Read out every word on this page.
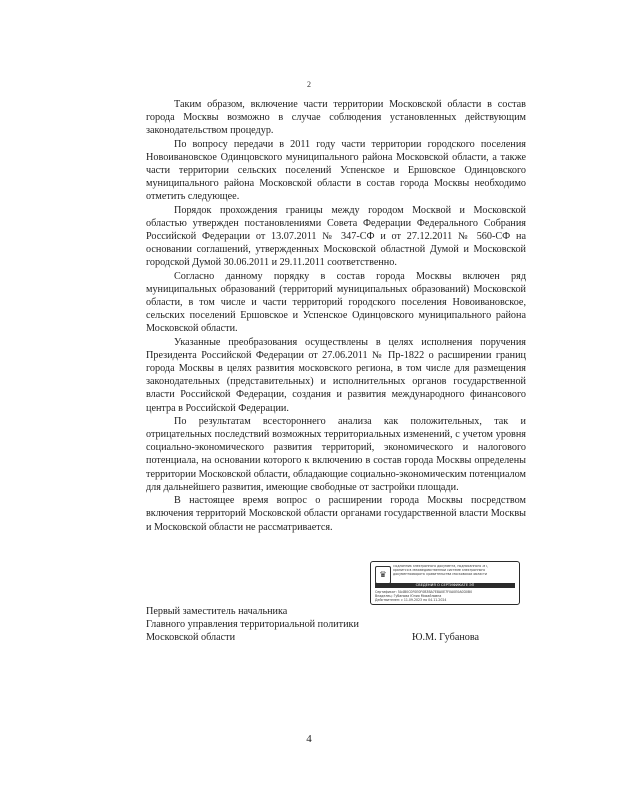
2

Таким образом, включение части территории Московской области в состав города Москвы возможно в случае соблюдения установленных действующим законодательством процедур.

По вопросу передачи в 2011 году части территории городского поселения Новоивановское Одинцовского муниципального района Московской области, а также части территории сельских поселений Успенское и Ершовское Одинцовского муниципального района Московской области в состав города Москвы необходимо отметить следующее.

Порядок прохождения границы между городом Москвой и Московской областью утвержден постановлениями Совета Федерации Федерального Собрания Российской Федерации от 13.07.2011 № 347-СФ и от 27.12.2011 № 560-СФ на основании соглашений, утвержденных Московской областной Думой и Московской городской Думой 30.06.2011 и 29.11.2011 соответственно.

Согласно данному порядку в состав города Москвы включен ряд муниципальных образований (территорий муниципальных образований) Московской области, в том числе и части территорий городского поселения Новоивановское, сельских поселений Ершовское и Успенское Одинцовского муниципального района Московской области.

Указанные преобразования осуществлены в целях исполнения поручения Президента Российской Федерации от 27.06.2011 № Пр-1822 о расширении границ города Москвы в целях развития московского региона, в том числе для размещения законодательных (представительных) и исполнительных органов государственной власти Российской Федерации, создания и развития международного финансового центра в Российской Федерации.

По результатам всестороннего анализа как положительных, так и отрицательных последствий возможных территориальных изменений, с учетом уровня социально-экономического развития территорий, экономического и налогового потенциала, на основании которого к включению в состав города Москвы определены территории Московской области, обладающие социально-экономическим потенциалом для дальнейшего развития, имеющие свободные от застройки площади.

В настоящее время вопрос о расширении города Москвы посредством включения территорий Московской области органами государственной власти Москвы и Московской области не рассматривается.

♛
Подлинник электронного документа, подписанного ЭП,
хранится в Межведомственной системе электронного
документооборота Правительства Московской области
СВЕДЕНИЯ О СЕРТИФИКАТЕ ЭП
Сертификат: 5A4B0C0F0E0F0B3BA7E8A0E7F0A0E0A0D0B0
Владелец: Губанова Юлия Михайловна
Действителен: с 11.09.2023 по 04.11.2024
Первый заместитель начальника
Главного управления территориальной политики
Московской области	Ю.М. Губанова
4
